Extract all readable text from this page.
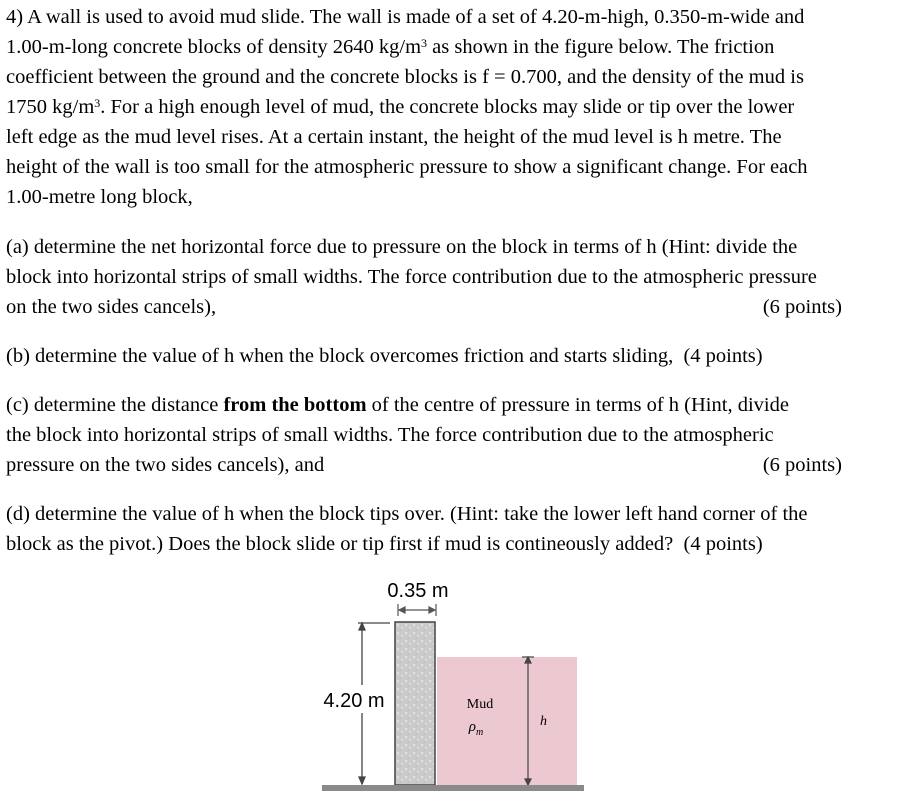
4) A wall is used to avoid mud slide. The wall is made of a set of 4.20-m-high, 0.350-m-wide and
1.00-m-long concrete blocks of density 2640 $kg/m^3$ as shown in the figure below. The friction
coefficient between the ground and the concrete blocks is f = 0.700, and the density of the mud is
1750 $kg/m^3$. For a high enough level of mud, the concrete blocks may slide or tip over the lower
left edge as the mud level rises. At a certain instant, the height of the mud level is h metre. The
height of the wall is too small for the atmospheric pressure to show a significant change. For each
1.00-metre long block,
(a) determine the net horizontal force due to pressure on the block in terms of h (Hint: divide the
block into horizontal strips of small widths. The force contribution due to the atmospheric pressure
on the two sides cancels),	(6 points)
(b) determine the value of h when the block overcomes friction and starts sliding,
(4 points)
(c) determine the distance from the bottom of the centre of pressure in terms of h (Hint, divide
the block into horizontal strips of small widths. The force contribution due to the atmospheric
pressure on the two sides cancels), and	(6 points)
(d) determine the value of h when the block tips over. (Hint: take the lower left hand corner of the
block as the pivot.) Does the block slide or tip first if mud is contineously added?
(4 points)
0.35 m
4.20 m	Mud
$\rho_m$
h
